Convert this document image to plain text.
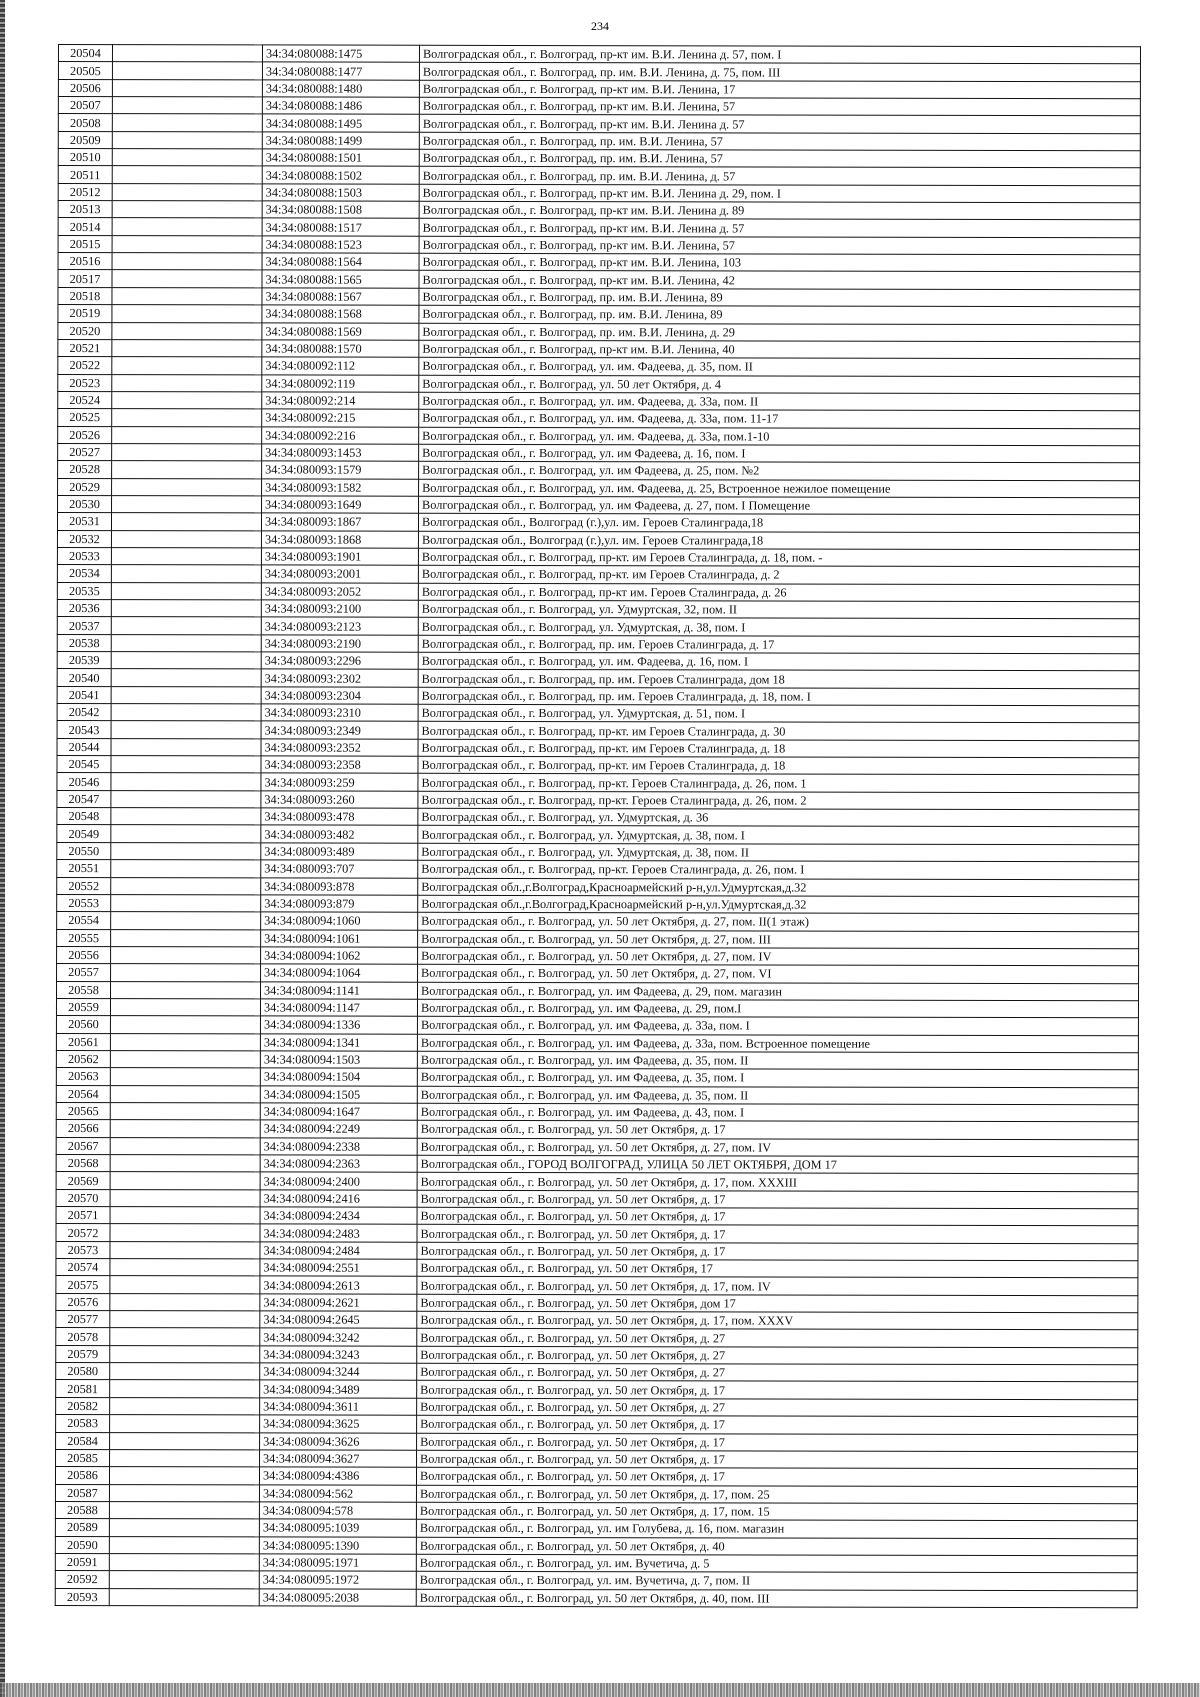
234
20504		34:34:080088:1475	Волгоградская обл., г. Волгоград, пр-кт им. В.И. Ленина д. 57, пом. I
20505		34:34:080088:1477	Волгоградская обл., г. Волгоград, пр. им. В.И. Ленина, д. 75, пом. III
20506		34:34:080088:1480	Волгоградская обл., г. Волгоград, пр-кт им. В.И. Ленина, 17
20507		34:34:080088:1486	Волгоградская обл., г. Волгоград, пр-кт им. В.И. Ленина, 57
20508		34:34:080088:1495	Волгоградская обл., г. Волгоград, пр-кт им. В.И. Ленина д. 57
20509		34:34:080088:1499	Волгоградская обл., г. Волгоград, пр. им. В.И. Ленина, 57
20510		34:34:080088:1501	Волгоградская обл., г. Волгоград, пр. им. В.И. Ленина, 57
20511		34:34:080088:1502	Волгоградская обл., г. Волгоград, пр. им. В.И. Ленина, д. 57
20512		34:34:080088:1503	Волгоградская обл., г. Волгоград, пр-кт им. В.И. Ленина д. 29, пом. I
20513		34:34:080088:1508	Волгоградская обл., г. Волгоград, пр-кт им. В.И. Ленина д. 89
20514		34:34:080088:1517	Волгоградская обл., г. Волгоград, пр-кт им. В.И. Ленина д. 57
20515		34:34:080088:1523	Волгоградская обл., г. Волгоград, пр-кт им. В.И. Ленина, 57
20516		34:34:080088:1564	Волгоградская обл., г. Волгоград, пр-кт им. В.И. Ленина, 103
20517		34:34:080088:1565	Волгоградская обл., г. Волгоград, пр-кт им. В.И. Ленина, 42
20518		34:34:080088:1567	Волгоградская обл., г. Волгоград, пр. им. В.И. Ленина, 89
20519		34:34:080088:1568	Волгоградская обл., г. Волгоград, пр. им. В.И. Ленина, 89
20520		34:34:080088:1569	Волгоградская обл., г. Волгоград, пр. им. В.И. Ленина, д. 29
20521		34:34:080088:1570	Волгоградская обл., г. Волгоград, пр-кт им. В.И. Ленина, 40
20522		34:34:080092:112	Волгоградская обл., г. Волгоград, ул. им. Фадеева, д. 35, пом. II
20523		34:34:080092:119	Волгоградская обл., г. Волгоград, ул. 50 лет Октября, д. 4
20524		34:34:080092:214	Волгоградская обл., г. Волгоград, ул. им. Фадеева, д. 33а, пом. II
20525		34:34:080092:215	Волгоградская обл., г. Волгоград, ул. им. Фадеева, д. 33а, пом. 11-17
20526		34:34:080092:216	Волгоградская обл., г. Волгоград, ул. им. Фадеева, д. 33а, пом.1-10
20527		34:34:080093:1453	Волгоградская обл., г. Волгоград, ул. им Фадеева, д. 16, пом. I
20528		34:34:080093:1579	Волгоградская обл., г. Волгоград, ул. им Фадеева, д. 25, пом. №2
20529		34:34:080093:1582	Волгоградская обл., г. Волгоград, ул. им. Фадеева, д. 25, Встроенное нежилое помещение
20530		34:34:080093:1649	Волгоградская обл., г. Волгоград, ул. им Фадеева, д. 27, пом. I Помещение
20531		34:34:080093:1867	Волгоградская обл., Волгоград (г.),ул. им. Героев Сталинграда,18
20532		34:34:080093:1868	Волгоградская обл., Волгоград (г.),ул. им. Героев Сталинграда,18
20533		34:34:080093:1901	Волгоградская обл., г. Волгоград, пр-кт. им Героев Сталинграда, д. 18, пом. -
20534		34:34:080093:2001	Волгоградская обл., г. Волгоград, пр-кт. им Героев Сталинграда, д. 2
20535		34:34:080093:2052	Волгоградская обл., г. Волгоград, пр-кт им. Героев Сталинграда, д. 26
20536		34:34:080093:2100	Волгоградская обл., г. Волгоград, ул. Удмуртская, 32, пом. II
20537		34:34:080093:2123	Волгоградская обл., г. Волгоград, ул. Удмуртская, д. 38, пом. I
20538		34:34:080093:2190	Волгоградская обл., г. Волгоград, пр. им. Героев Сталинграда, д. 17
20539		34:34:080093:2296	Волгоградская обл., г. Волгоград, ул. им. Фадеева, д. 16, пом. I
20540		34:34:080093:2302	Волгоградская обл., г. Волгоград, пр. им. Героев Сталинграда, дом 18
20541		34:34:080093:2304	Волгоградская обл., г. Волгоград, пр. им. Героев Сталинграда, д. 18, пом. I
20542		34:34:080093:2310	Волгоградская обл., г. Волгоград, ул. Удмуртская, д. 51, пом. I
20543		34:34:080093:2349	Волгоградская обл., г. Волгоград, пр-кт. им Героев Сталинграда, д. 30
20544		34:34:080093:2352	Волгоградская обл., г. Волгоград, пр-кт. им Героев Сталинграда, д. 18
20545		34:34:080093:2358	Волгоградская обл., г. Волгоград, пр-кт. им Героев Сталинграда, д. 18
20546		34:34:080093:259	Волгоградская обл., г. Волгоград, пр-кт. Героев Сталинграда, д. 26, пом. 1
20547		34:34:080093:260	Волгоградская обл., г. Волгоград, пр-кт. Героев Сталинграда, д. 26, пом. 2
20548		34:34:080093:478	Волгоградская обл., г. Волгоград, ул. Удмуртская, д. 36
20549		34:34:080093:482	Волгоградская обл., г. Волгоград, ул. Удмуртская, д. 38, пом. I
20550		34:34:080093:489	Волгоградская обл., г. Волгоград, ул. Удмуртская, д. 38, пом. II
20551		34:34:080093:707	Волгоградская обл., г. Волгоград, пр-кт. Героев Сталинграда, д. 26, пом. I
20552		34:34:080093:878	Волгоградская обл.,г.Волгоград,Красноармейский р-н,ул.Удмуртская,д.32
20553		34:34:080093:879	Волгоградская обл.,г.Волгоград,Красноармейский р-н,ул.Удмуртская,д.32
20554		34:34:080094:1060	Волгоградская обл., г. Волгоград, ул. 50 лет Октября, д. 27, пом. II(1 этаж)
20555		34:34:080094:1061	Волгоградская обл., г. Волгоград, ул. 50 лет Октября, д. 27, пом. III
20556		34:34:080094:1062	Волгоградская обл., г. Волгоград, ул. 50 лет Октября, д. 27, пом. IV
20557		34:34:080094:1064	Волгоградская обл., г. Волгоград, ул. 50 лет Октября, д. 27, пом. VI
20558		34:34:080094:1141	Волгоградская обл., г. Волгоград, ул. им Фадеева, д. 29, пом. магазин
20559		34:34:080094:1147	Волгоградская обл., г. Волгоград, ул. им Фадеева, д. 29, пом.I
20560		34:34:080094:1336	Волгоградская обл., г. Волгоград, ул. им Фадеева, д. 33а, пом. I
20561		34:34:080094:1341	Волгоградская обл., г. Волгоград, ул. им Фадеева, д. 33а, пом. Встроенное помещение
20562		34:34:080094:1503	Волгоградская обл., г. Волгоград, ул. им Фадеева, д. 35, пом. II
20563		34:34:080094:1504	Волгоградская обл., г. Волгоград, ул. им Фадеева, д. 35, пом. I
20564		34:34:080094:1505	Волгоградская обл., г. Волгоград, ул. им Фадеева, д. 35, пом. II
20565		34:34:080094:1647	Волгоградская обл., г. Волгоград, ул. им Фадеева, д. 43, пом. I
20566		34:34:080094:2249	Волгоградская обл., г. Волгоград, ул. 50 лет Октября, д. 17
20567		34:34:080094:2338	Волгоградская обл., г. Волгоград, ул. 50 лет Октября, д. 27, пом. IV
20568		34:34:080094:2363	Волгоградская обл., ГОРОД ВОЛГОГРАД, УЛИЦА 50 ЛЕТ ОКТЯБРЯ, ДОМ 17
20569		34:34:080094:2400	Волгоградская обл., г. Волгоград, ул. 50 лет Октября, д. 17, пом. XXXIII
20570		34:34:080094:2416	Волгоградская обл., г. Волгоград, ул. 50 лет Октября, д. 17
20571		34:34:080094:2434	Волгоградская обл., г. Волгоград, ул. 50 лет Октября, д. 17
20572		34:34:080094:2483	Волгоградская обл., г. Волгоград, ул. 50 лет Октября, д. 17
20573		34:34:080094:2484	Волгоградская обл., г. Волгоград, ул. 50 лет Октября, д. 17
20574		34:34:080094:2551	Волгоградская обл., г. Волгоград, ул. 50 лет Октября, 17
20575		34:34:080094:2613	Волгоградская обл., г. Волгоград, ул. 50 лет Октября, д. 17, пом. IV
20576		34:34:080094:2621	Волгоградская обл., г. Волгоград, ул. 50 лет Октября, дом 17
20577		34:34:080094:2645	Волгоградская обл., г. Волгоград, ул. 50 лет Октября, д. 17, пом. XXXV
20578		34:34:080094:3242	Волгоградская обл., г. Волгоград, ул. 50 лет Октября, д. 27
20579		34:34:080094:3243	Волгоградская обл., г. Волгоград, ул. 50 лет Октября, д. 27
20580		34:34:080094:3244	Волгоградская обл., г. Волгоград, ул. 50 лет Октября, д. 27
20581		34:34:080094:3489	Волгоградская обл., г. Волгоград, ул. 50 лет Октября, д. 17
20582		34:34:080094:3611	Волгоградская обл., г. Волгоград, ул. 50 лет Октября, д. 27
20583		34:34:080094:3625	Волгоградская обл., г. Волгоград, ул. 50 лет Октября, д. 17
20584		34:34:080094:3626	Волгоградская обл., г. Волгоград, ул. 50 лет Октября, д. 17
20585		34:34:080094:3627	Волгоградская обл., г. Волгоград, ул. 50 лет Октября, д. 17
20586		34:34:080094:4386	Волгоградская обл., г. Волгоград, ул. 50 лет Октября, д. 17
20587		34:34:080094:562	Волгоградская обл., г. Волгоград, ул. 50 лет Октября, д. 17, пом. 25
20588		34:34:080094:578	Волгоградская обл., г. Волгоград, ул. 50 лет Октября, д. 17, пом. 15
20589		34:34:080095:1039	Волгоградская обл., г. Волгоград, ул. им Голубева, д. 16, пом. магазин
20590		34:34:080095:1390	Волгоградская обл., г. Волгоград, ул. 50 лет Октября, д. 40
20591		34:34:080095:1971	Волгоградская обл., г. Волгоград, ул. им. Вучетича, д. 5
20592		34:34:080095:1972	Волгоградская обл., г. Волгоград, ул. им. Вучетича, д. 7, пом. II
20593		34:34:080095:2038	Волгоградская обл., г. Волгоград, ул. 50 лет Октября, д. 40, пом. III
